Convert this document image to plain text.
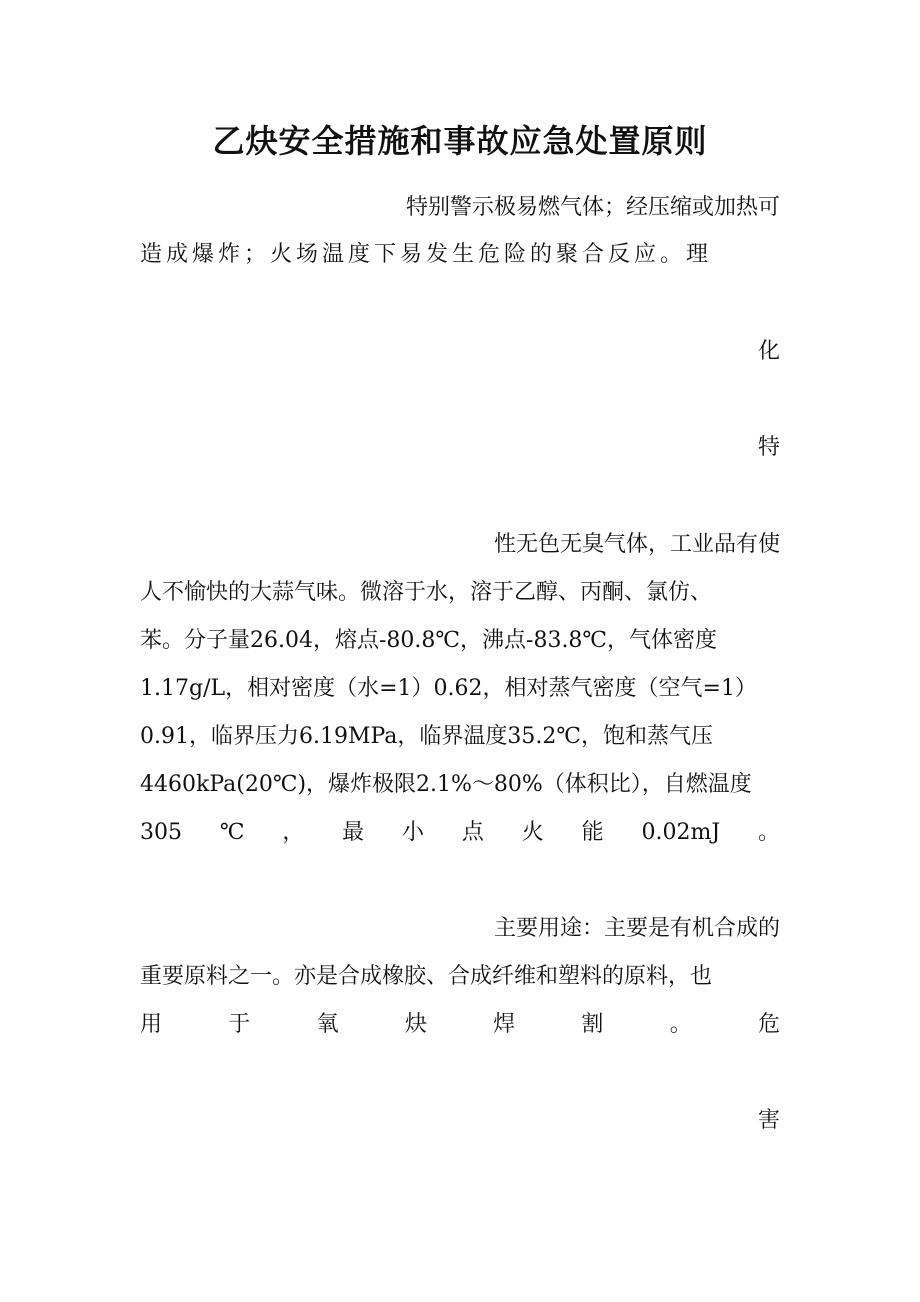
乙炔安全措施和事故应急处置原则
特别警示极易燃气体；经压缩或加热可
造成爆炸；火场温度下易发生危险的聚合反应。理
化
特
性无色无臭气体，工业品有使
人不愉快的大蒜气味。微溶于水，溶于乙醇、丙酮、氯仿、
苯。分子量26.04，熔点-80.8℃，沸点-83.8℃，气体密度
1.17g/L，相对密度（水=1）0.62，相对蒸气密度（空气=1）
0.91，临界压力6.19MPa，临界温度35.2℃，饱和蒸气压
4460kPa(20℃)，爆炸极限2.1%～80%（体积比），自燃温度
305 ℃ ， 最 小 点 火 能 0.02mJ 。
主要用途：主要是有机合成的
重要原料之一。亦是合成橡胶、合成纤维和塑料的原料，也
用	于	氧	炔	焊	割	。	危
害
